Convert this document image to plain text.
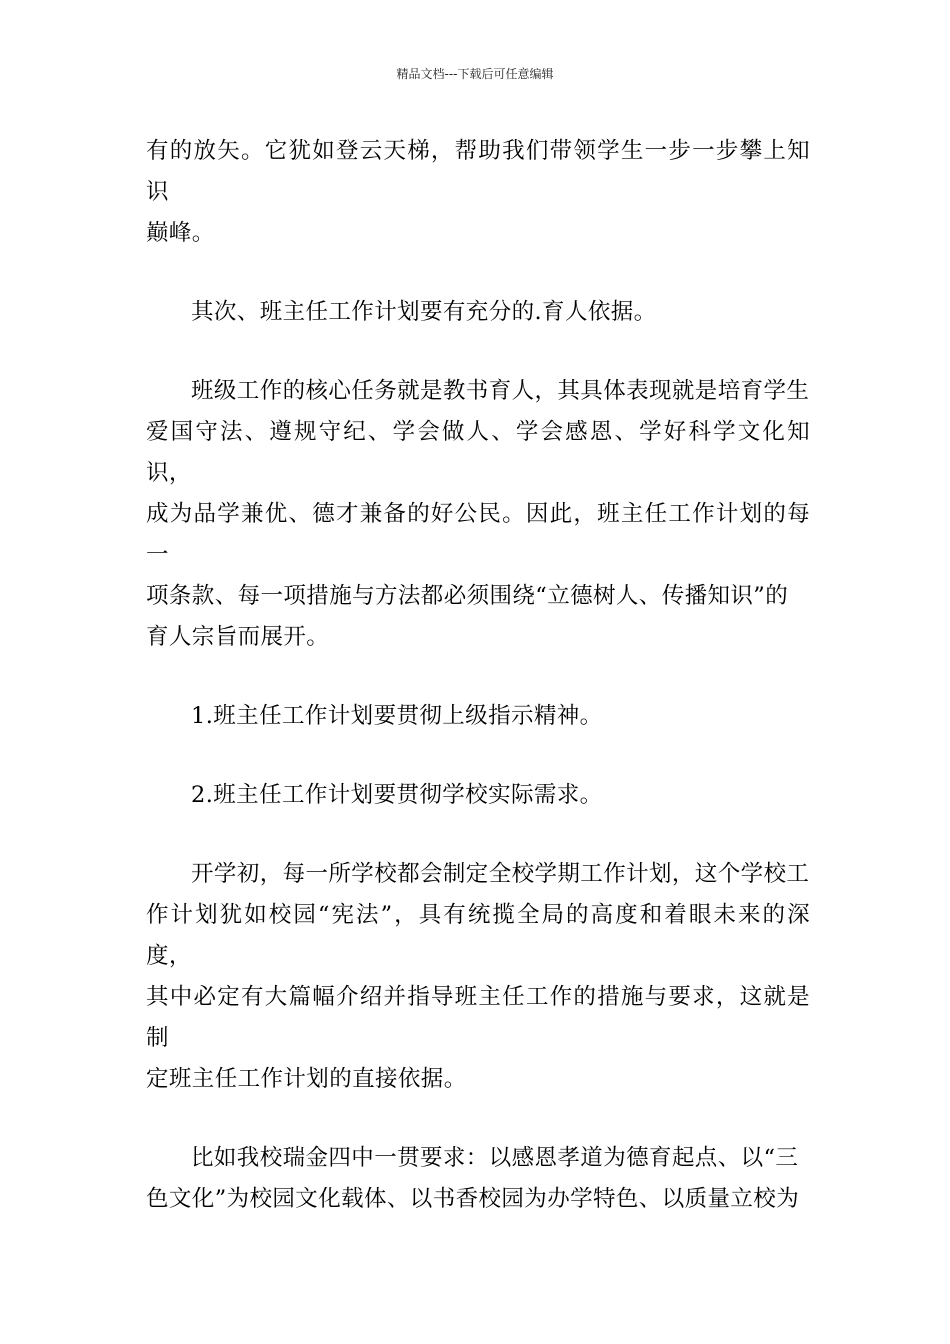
精品文档---下载后可任意编辑

有的放矢。它犹如登云天梯，帮助我们带领学生一步一步攀上知识
巅峰。

其次、班主任工作计划要有充分的.育人依据。

班级工作的核心任务就是教书育人，其具体表现就是培育学生
爱国守法、遵规守纪、学会做人、学会感恩、学好科学文化知识，
成为品学兼优、德才兼备的好公民。因此，班主任工作计划的每一
项条款、每一项措施与方法都必须围绕“立德树人、传播知识”的
育人宗旨而展开。

1.班主任工作计划要贯彻上级指示精神。

2.班主任工作计划要贯彻学校实际需求。

开学初，每一所学校都会制定全校学期工作计划，这个学校工
作计划犹如校园“宪法”，具有统揽全局的高度和着眼未来的深度，
其中必定有大篇幅介绍并指导班主任工作的措施与要求，这就是制
定班主任工作计划的直接依据。

比如我校瑞金四中一贯要求：以感恩孝道为德育起点、以“三
色文化”为校园文化载体、以书香校园为办学特色、以质量立校为
